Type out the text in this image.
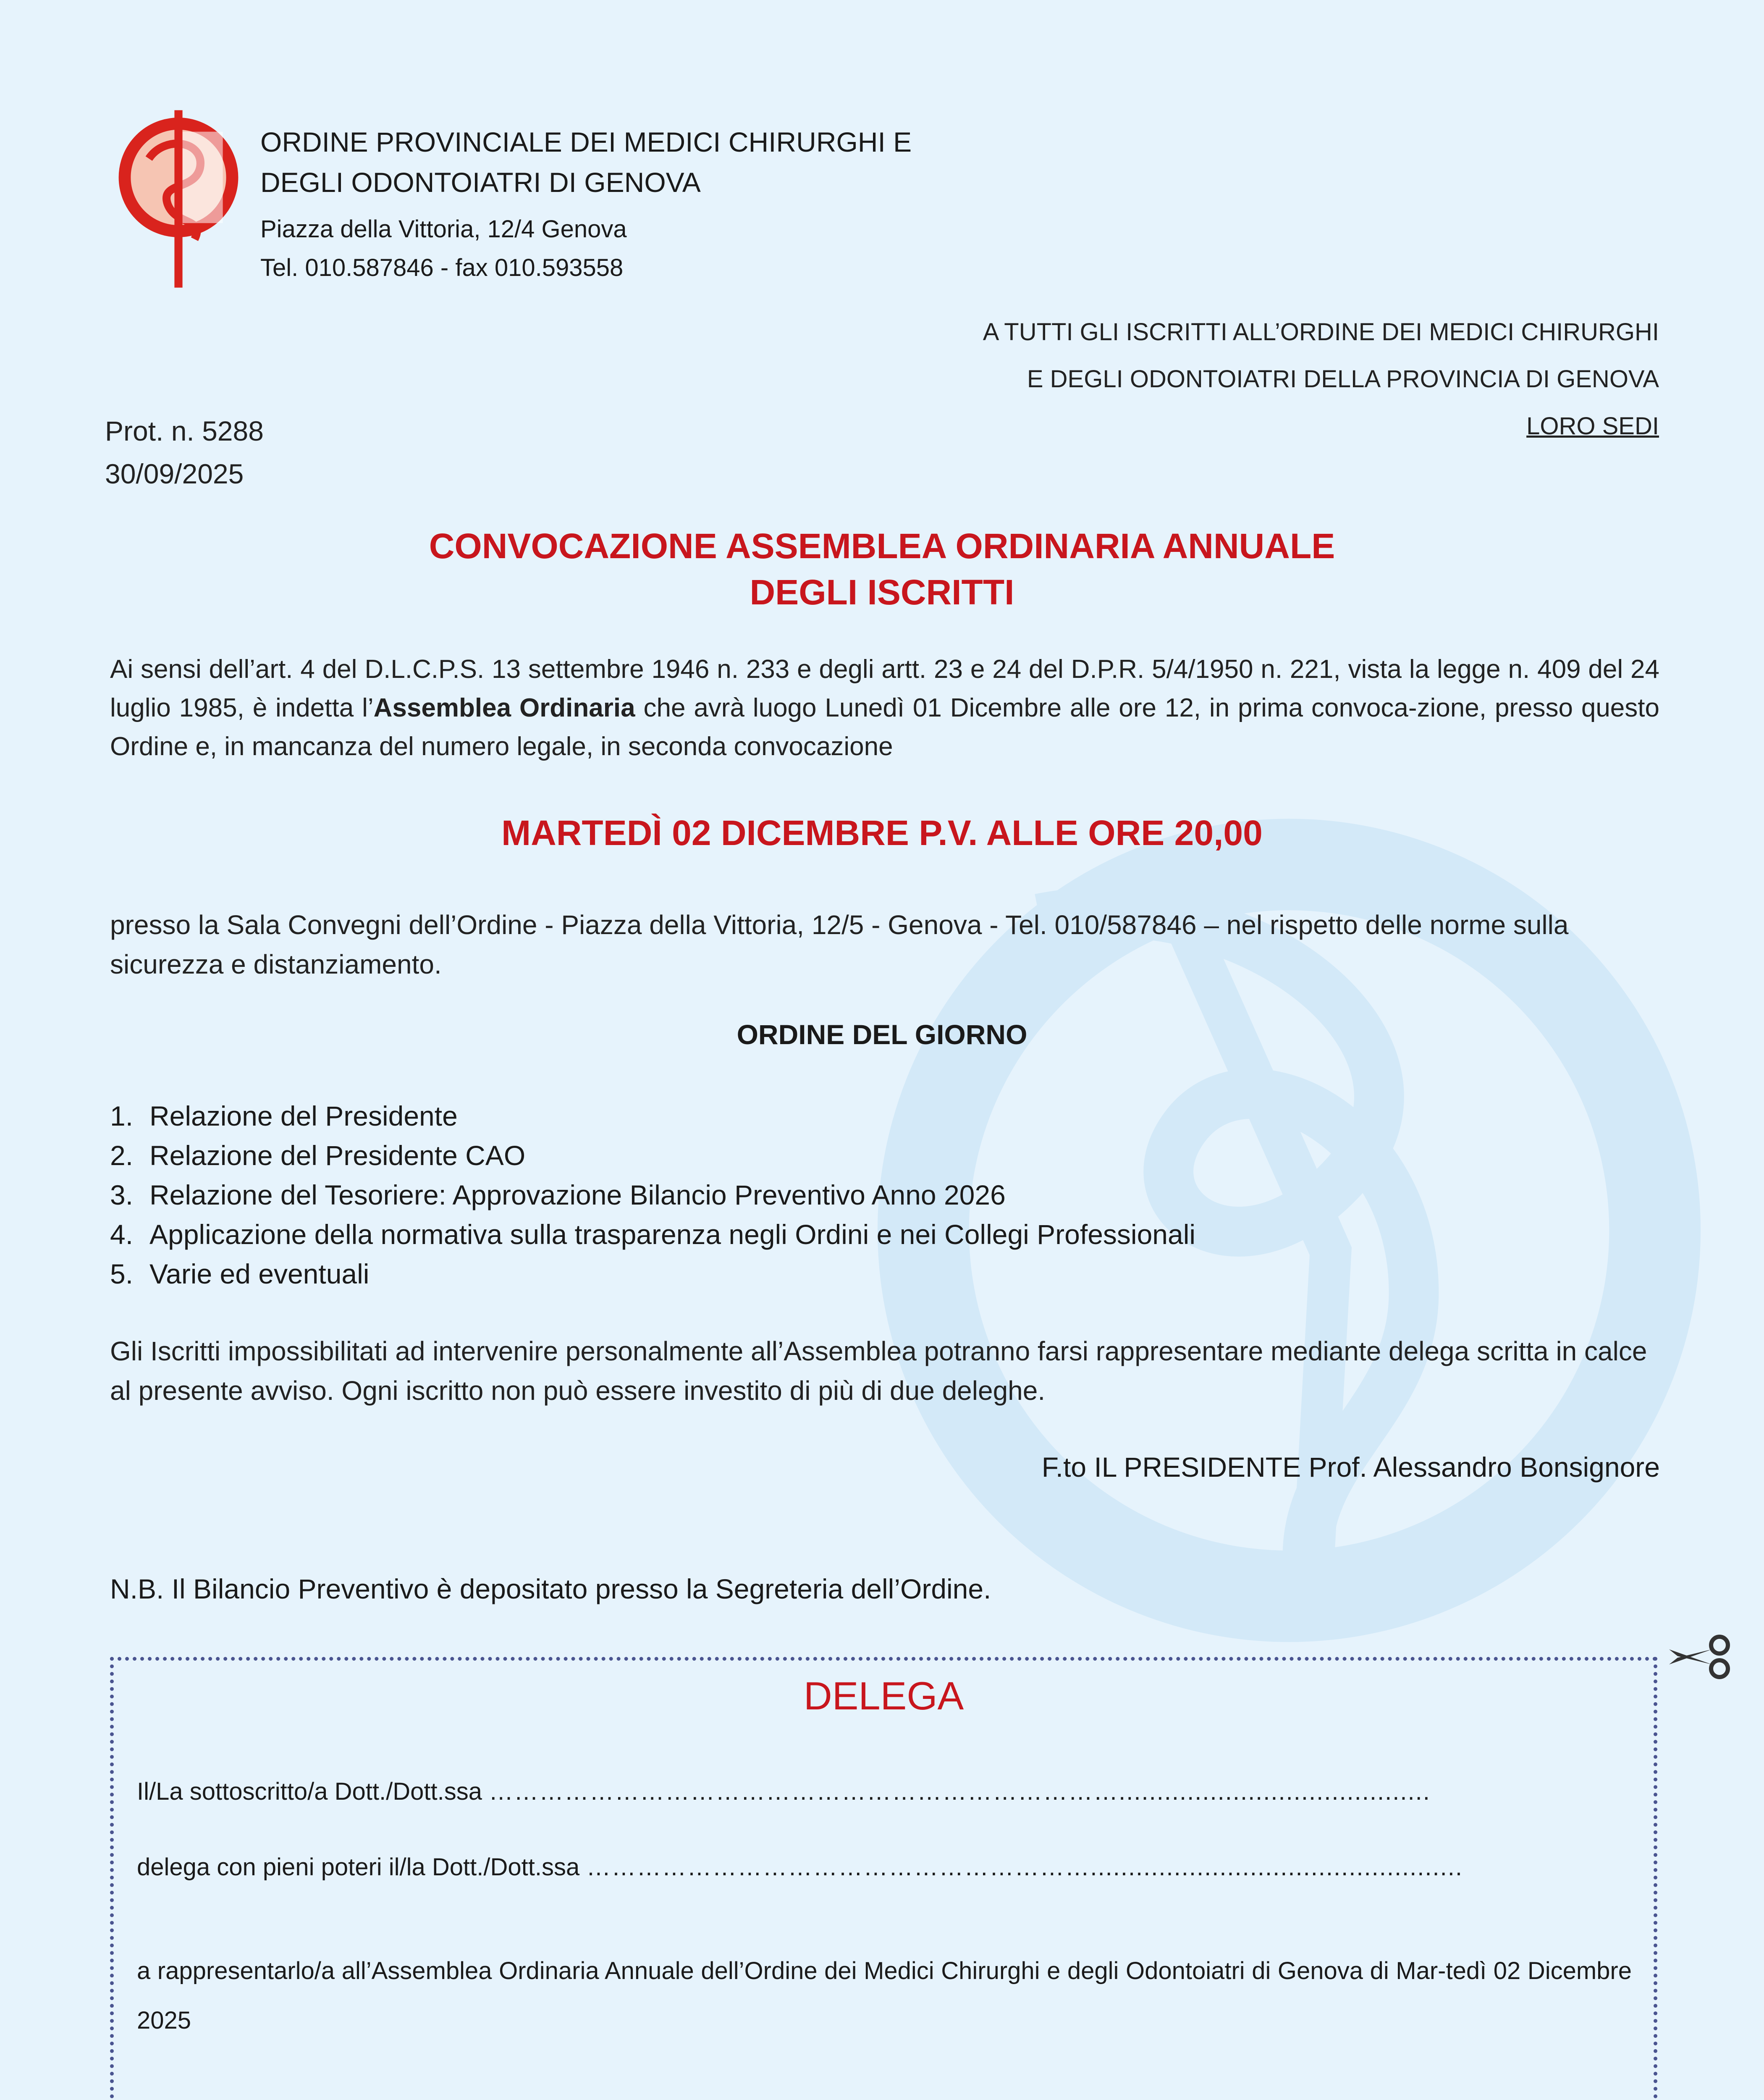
ORDINE PROVINCIALE DEI MEDICI CHIRURGHI E
DEGLI ODONTOIATRI DI GENOVA
Piazza della Vittoria, 12/4 Genova
Tel. 010.587846 - fax 010.593558
A TUTTI GLI ISCRITTI ALL’ORDINE DEI MEDICI CHIRURGHI
E DEGLI ODONTOIATRI DELLA PROVINCIA DI GENOVA
LORO SEDI
Prot. n. 5288
30/09/2025
CONVOCAZIONE ASSEMBLEA ORDINARIA ANNUALE
DEGLI ISCRITTI
Ai sensi dell’art. 4 del D.L.C.P.S. 13 settembre 1946 n. 233 e degli artt. 23 e 24 del D.P.R. 5/4/1950 n. 221, vista la legge n. 409 del 24 luglio 1985, è indetta l’Assemblea Ordinaria che avrà luogo Lunedì 01 Dicembre alle ore 12, in prima convoca-zione, presso questo Ordine e, in mancanza del numero legale, in seconda convocazione
MARTEDÌ 02 DICEMBRE P.V. ALLE ORE 20,00
presso la Sala Convegni dell’Ordine - Piazza della Vittoria, 12/5 - Genova - Tel. 010/587846 – nel rispetto delle norme sulla sicurezza e distanziamento.
ORDINE DEL GIORNO
1. Relazione del Presidente
2. Relazione del Presidente CAO
3. Relazione del Tesoriere: Approvazione Bilancio Preventivo Anno 2026
4. Applicazione della normativa sulla trasparenza negli Ordini e nei Collegi Professionali
5. Varie ed eventuali
Gli Iscritti impossibilitati ad intervenire personalmente all’Assemblea potranno farsi rappresentare mediante delega scritta in calce al presente avviso. Ogni iscritto non può essere investito di più di due deleghe.
F.to IL PRESIDENTE Prof. Alessandro Bonsignore
N.B. Il Bilancio Preventivo è depositato presso la Segreteria dell’Ordine.
DELEGA
Il/La sottoscritto/a Dott./Dott.ssa ………………………………………………………………….........................................
delega con pieni poteri il/la Dott./Dott.ssa …………………………………………………….................................................
a rappresentarlo/a all’Assemblea Ordinaria Annuale dell’Ordine dei Medici Chirurghi e degli Odontoiatri di Genova di Mar-tedì 02 Dicembre 2025
